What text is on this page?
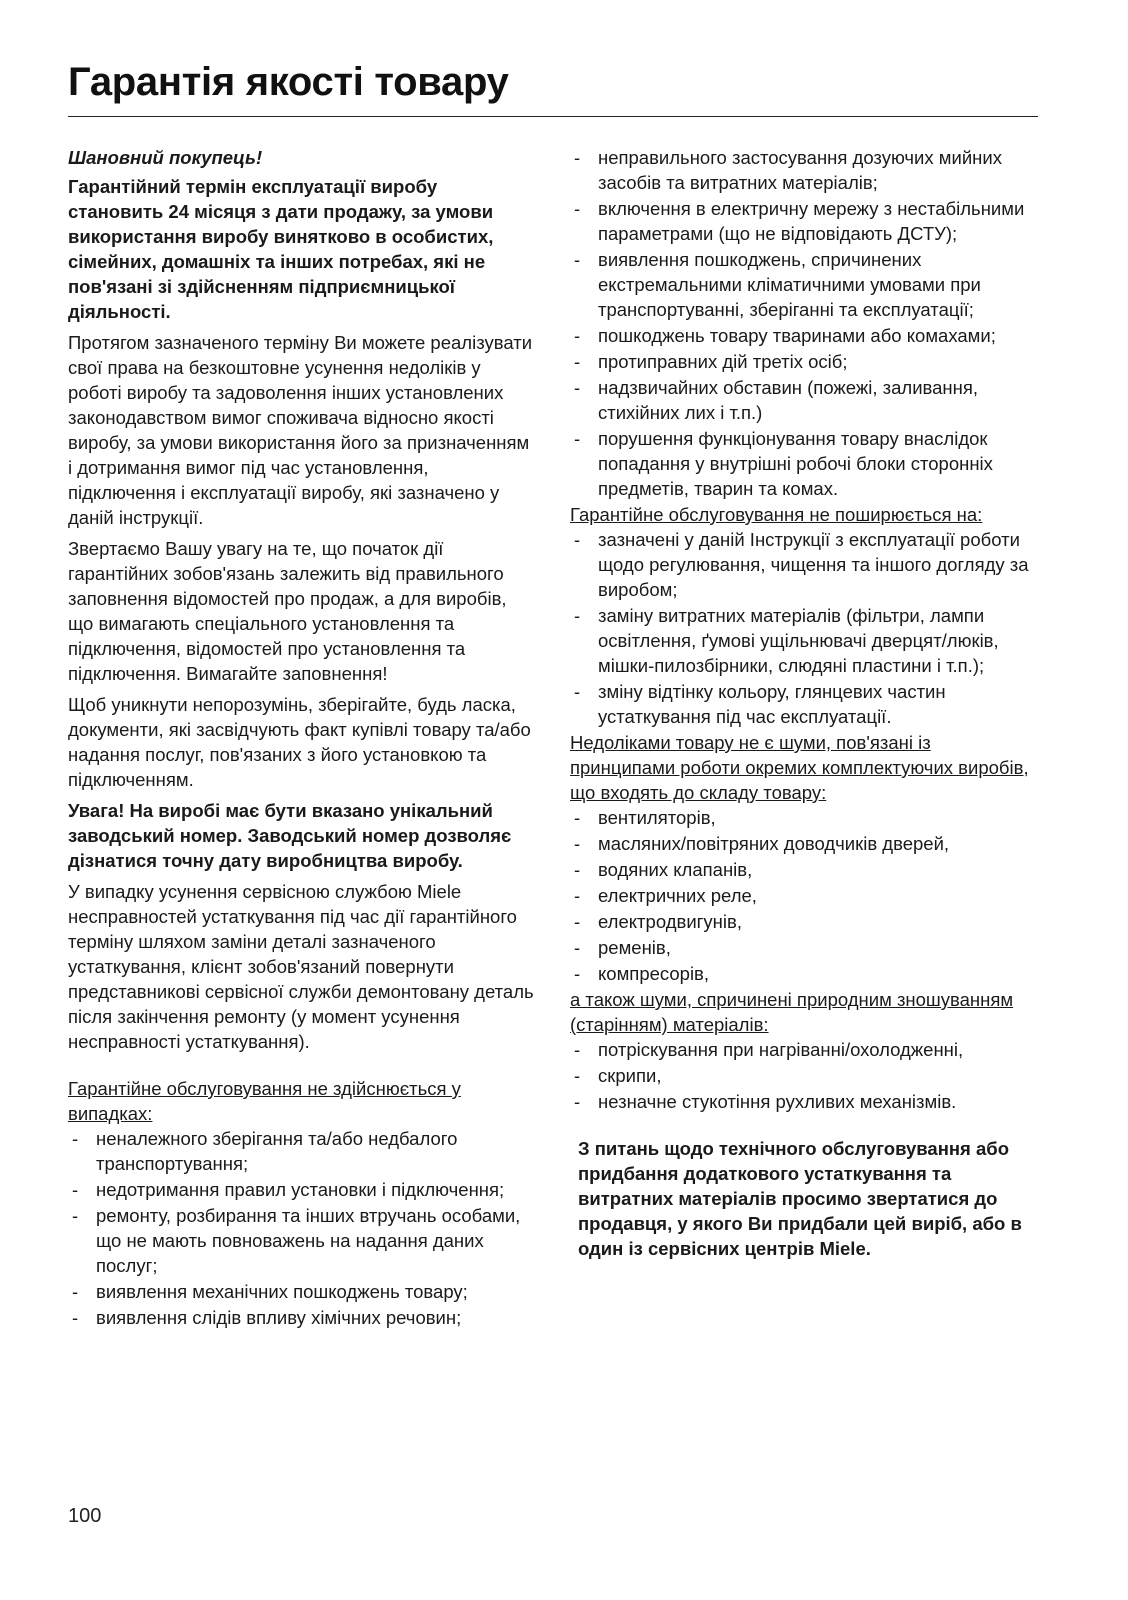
Гарантія якості товару

Шановний покупець!

Гарантійний термін експлуатації виробу становить 24 місяця з дати продажу, за умови використання виробу винятково в особистих, сімейних, домашніх та інших потребах, які не пов'язані зі здійсненням підприємницької діяльності.

Протягом зазначеного терміну Ви можете реалізувати свої права на безкоштовне усунення недоліків у роботі виробу та задоволення інших установлених законодавством вимог споживача відносно якості виробу, за умови використання його за призначенням і дотримання вимог під час установлення, підключення і експлуатації виробу, які зазначено у даній інструкції.

Звертаємо Вашу увагу на те, що початок дії гарантійних зобов'язань залежить від правильного заповнення відомостей про продаж, а для виробів, що вимагають спеціального установлення та підключення, відомостей про установлення та підключення. Вимагайте заповнення!

Щоб уникнути непорозумінь, зберігайте, будь ласка, документи, які засвідчують факт купівлі товару та/або надання послуг, пов'язаних з його установкою та підключенням.

Увага! На виробі має бути вказано унікальний заводський номер. Заводський номер дозволяє дізнатися точну дату виробництва виробу.

У випадку усунення сервісною службою Miele несправностей устаткування під час дії гарантійного терміну шляхом заміни деталі зазначеного устаткування, клієнт зобов'язаний повернути представникові сервісної служби демонтовану деталь після закінчення ремонту (у момент усунення несправності устаткування).

Гарантійне обслуговування не здійснюється у випадках:

- неналежного зберігання та/або недбалого транспортування;
- недотримання правил установки і підключення;
- ремонту, розбирання та інших втручань особами, що не мають повноважень на надання даних послуг;
- виявлення механічних пошкоджень товару;
- виявлення слідів впливу хімічних речовин;
- неправильного застосування дозуючих мийних засобів та витратних матеріалів;
- включення в електричну мережу з нестабільними параметрами (що не відповідають ДСТУ);
- виявлення пошкоджень, спричинених екстремальними кліматичними умовами при транспортуванні, зберіганні та експлуатації;
- пошкоджень товару тваринами або комахами;
- протиправних дій третіх осіб;
- надзвичайних обставин (пожежі, заливання, стихійних лих і т.п.)
- порушення функціонування товару внаслідок попадання у внутрішні робочі блоки сторонніх предметів, тварин та комах.

Гарантійне обслуговування не поширюється на:

- зазначені у даній Інструкції з експлуатації роботи щодо регулювання, чищення та іншого догляду за виробом;
- заміну витратних матеріалів (фільтри, лампи освітлення, ґумові ущільнювачі дверцят/люків, мішки-пилозбірники, слюдяні пластини і т.п.);
- зміну відтінку кольору, глянцевих частин устаткування під час експлуатації.

Недоліками товару не є шуми, пов'язані із принципами роботи окремих комплектуючих виробів, що входять до складу товару:

- вентиляторів,
- масляних/повітряних доводчиків дверей,
- водяних клапанів,
- електричних реле,
- електродвигунів,
- ременів,
- компресорів,

а також шуми, спричинені природним зношуванням (старінням) матеріалів:

- потріскування при нагріванні/охолодженні,
- скрипи,
- незначне стукотіння рухливих механізмів.

З питань щодо технічного обслуговування або придбання додаткового устаткування та витратних матеріалів просимо звертатися до продавця, у якого Ви придбали цей виріб, або в один із сервісних центрів Miele.

100
